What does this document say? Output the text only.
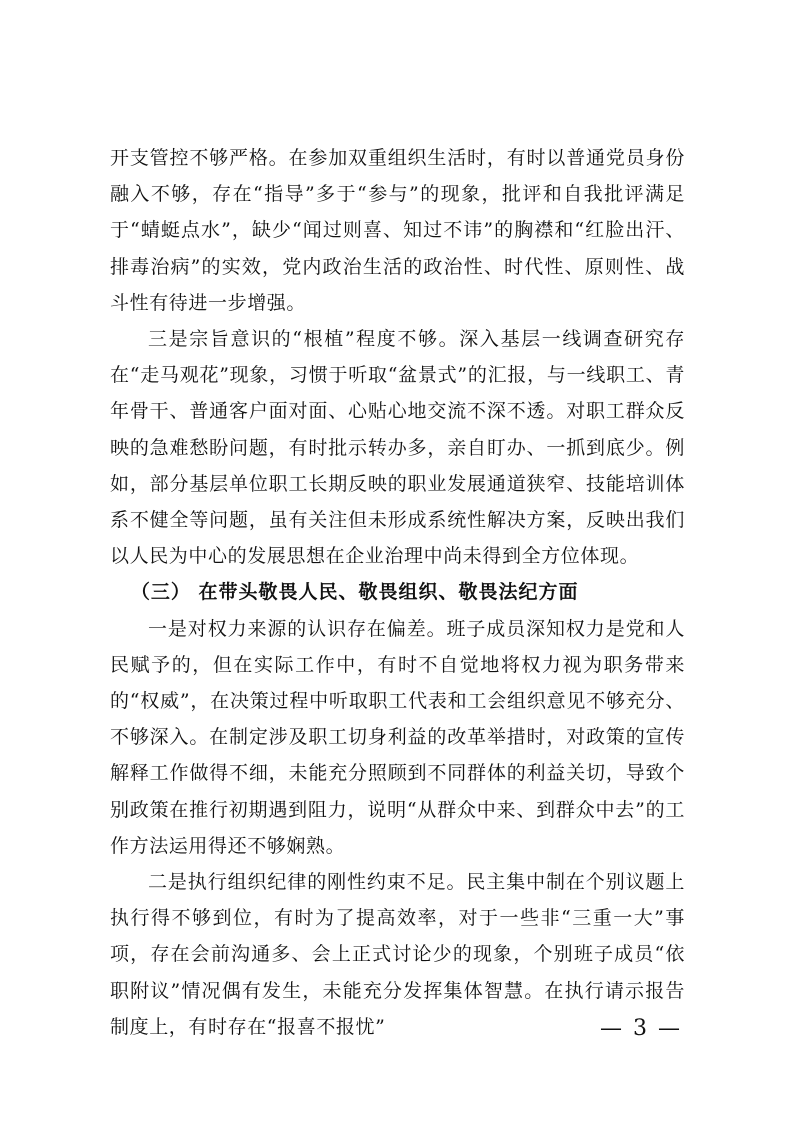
开支管控不够严格。在参加双重组织生活时，有时以普通党员身份融入不够，存在“指导”多于“参与”的现象，批评和自我批评满足于“蜻蜓点水”，缺少“闻过则喜、知过不讳”的胸襟和“红脸出汗、排毒治病”的实效，党内政治生活的政治性、时代性、原则性、战斗性有待进一步增强。

三是宗旨意识的“根植”程度不够。深入基层一线调查研究存在“走马观花”现象，习惯于听取“盆景式”的汇报，与一线职工、青年骨干、普通客户面对面、心贴心地交流不深不透。对职工群众反映的急难愁盼问题，有时批示转办多，亲自盯办、一抓到底少。例如，部分基层单位职工长期反映的职业发展通道狭窄、技能培训体系不健全等问题，虽有关注但未形成系统性解决方案，反映出我们以人民为中心的发展思想在企业治理中尚未得到全方位体现。

（三） 在带头敬畏人民、敬畏组织、敬畏法纪方面

一是对权力来源的认识存在偏差。班子成员深知权力是党和人民赋予的，但在实际工作中，有时不自觉地将权力视为职务带来的“权威”，在决策过程中听取职工代表和工会组织意见不够充分、不够深入。在制定涉及职工切身利益的改革举措时，对政策的宣传解释工作做得不细，未能充分照顾到不同群体的利益关切，导致个别政策在推行初期遇到阻力，说明“从群众中来、到群众中去”的工作方法运用得还不够娴熟。

二是执行组织纪律的刚性约束不足。民主集中制在个别议题上执行得不够到位，有时为了提高效率，对于一些非“三重一大”事项，存在会前沟通多、会上正式讨论少的现象，个别班子成员“依职附议”情况偶有发生，未能充分发挥集体智慧。在执行请示报告制度上，有时存在“报喜不报忧”	— 3 —
